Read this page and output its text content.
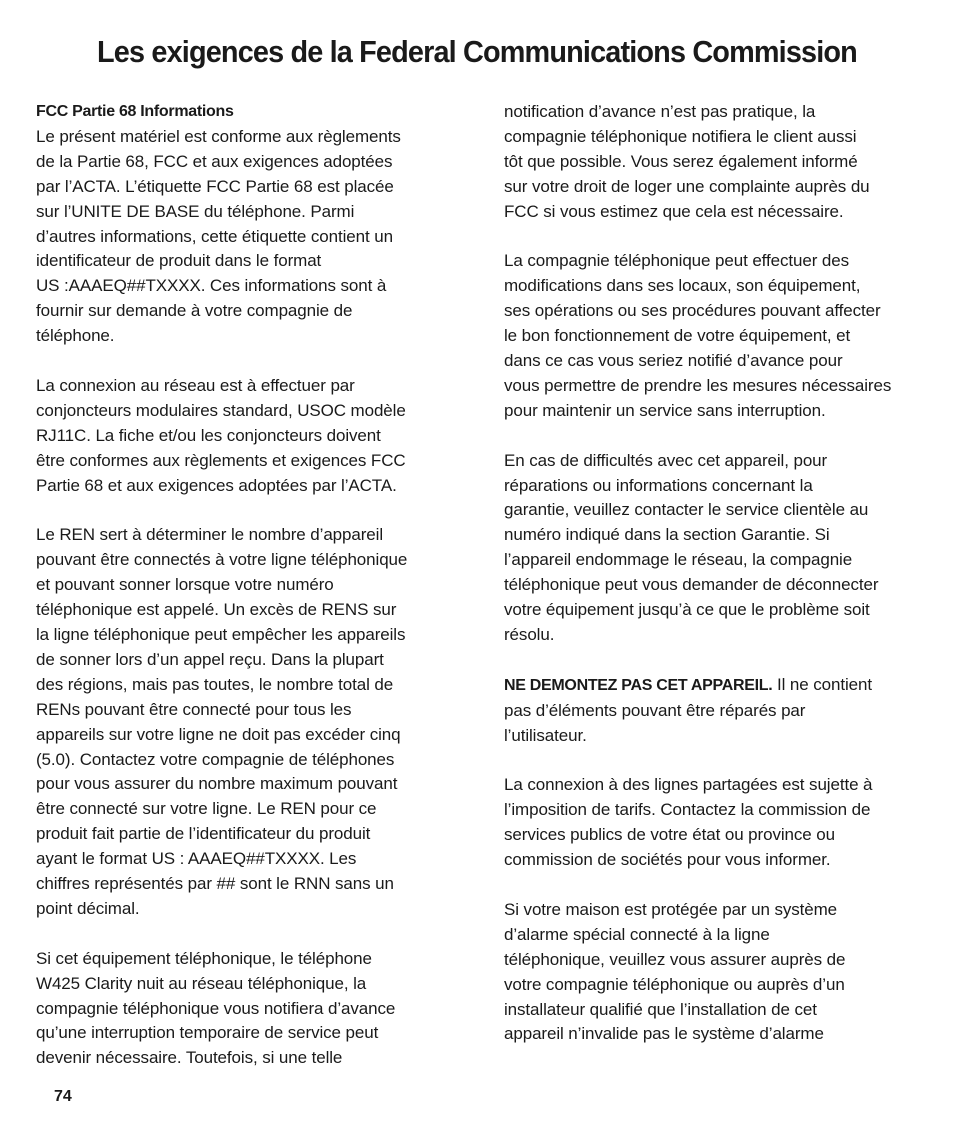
Les exigences de la Federal Communications Commission

FCC Partie 68 Informations
Le présent matériel est conforme aux règlements
de la Partie 68, FCC et aux exigences adoptées
par l’ACTA. L’étiquette FCC Partie 68 est placée
sur l’UNITE DE BASE du téléphone. Parmi
d’autres informations, cette étiquette contient un
identificateur de produit dans le format
US :AAAEQ##TXXXX. Ces informations sont à
fournir sur demande à votre compagnie de
téléphone.

La connexion au réseau est à effectuer par
conjoncteurs modulaires standard, USOC modèle
RJ11C. La fiche et/ou les conjoncteurs doivent
être conformes aux règlements et exigences FCC
Partie 68 et aux exigences adoptées par l’ACTA.

Le REN sert à déterminer le nombre d’appareil
pouvant être connectés à votre ligne téléphonique
et pouvant sonner lorsque votre numéro
téléphonique est appelé. Un excès de RENS sur
la ligne téléphonique peut empêcher les appareils
de sonner lors d’un appel reçu. Dans la plupart
des régions, mais pas toutes, le nombre total de
RENs pouvant être connecté pour tous les
appareils sur votre ligne ne doit pas excéder cinq
(5.0). Contactez votre compagnie de téléphones
pour vous assurer du nombre maximum pouvant
être connecté sur votre ligne. Le REN pour ce
produit fait partie de l’identificateur du produit
ayant le format US : AAAEQ##TXXXX. Les
chiffres représentés par ## sont le RNN sans un
point décimal.

Si cet équipement téléphonique, le téléphone
W425 Clarity nuit au réseau téléphonique, la
compagnie téléphonique vous notifiera d’avance
qu’une interruption temporaire de service peut
devenir nécessaire. Toutefois, si une telle

notification d’avance n’est pas pratique, la
compagnie téléphonique notifiera le client aussi
tôt que possible. Vous serez également informé
sur votre droit de loger une complainte auprès du
FCC si vous estimez que cela est nécessaire.

La compagnie téléphonique peut effectuer des
modifications dans ses locaux, son équipement,
ses opérations ou ses procédures pouvant affecter
le bon fonctionnement de votre équipement, et
dans ce cas vous seriez notifié d’avance pour
vous permettre de prendre les mesures nécessaires
pour maintenir un service sans interruption.

En cas de difficultés avec cet appareil, pour
réparations ou informations concernant la
garantie, veuillez contacter le service clientèle au
numéro indiqué dans la section Garantie. Si
l’appareil endommage le réseau, la compagnie
téléphonique peut vous demander de déconnecter
votre équipement jusqu’à ce que le problème soit
résolu.

NE DEMONTEZ PAS CET APPAREIL. Il ne contient
pas d’éléments pouvant être réparés par
l’utilisateur.

La connexion à des lignes partagées est sujette à
l’imposition de tarifs. Contactez la commission de
services publics de votre état ou province ou
commission de sociétés pour vous informer.

Si votre maison est protégée par un système
d’alarme spécial connecté à la ligne
téléphonique, veuillez vous assurer auprès de
votre compagnie téléphonique ou auprès d’un
installateur qualifié que l’installation de cet
appareil n’invalide pas le système d’alarme

74
